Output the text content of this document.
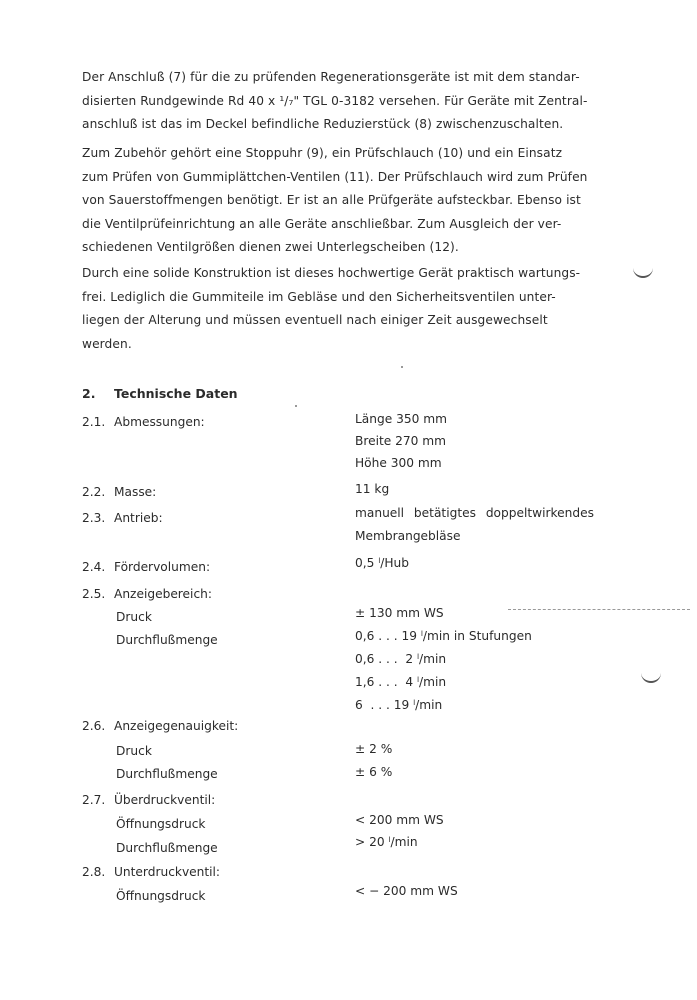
Der Anschluß (7) für die zu prüfenden Regenerationsgeräte ist mit dem standar-
disierten Rundgewinde Rd 40 x ¹/₇" TGL 0-3182 versehen. Für Geräte mit Zentral-
anschluß ist das im Deckel befindliche Reduzierstück (8) zwischenzuschalten.

Zum Zubehör gehört eine Stoppuhr (9), ein Prüfschlauch (10) und ein Einsatz
zum Prüfen von Gummiplättchen-Ventilen (11). Der Prüfschlauch wird zum Prüfen
von Sauerstoffmengen benötigt. Er ist an alle Prüfgeräte aufsteckbar. Ebenso ist
die Ventilprüfeinrichtung an alle Geräte anschließbar. Zum Ausgleich der ver-
schiedenen Ventilgrößen dienen zwei Unterlegscheiben (12).

Durch eine solide Konstruktion ist dieses hochwertige Gerät praktisch wartungs-
frei. Lediglich die Gummiteile im Gebläse und den Sicherheitsventilen unter-
liegen der Alterung und müssen eventuell nach einiger Zeit ausgewechselt
werden.

2. Technische Daten
2.1. Abmessungen:	Länge 350 mm
Breite 270 mm
Höhe 300 mm
2.2. Masse:	11 kg
2.3. Antrieb:	manuell betätigtes doppeltwirkendes
Membrangebläse
2.4. Fördervolumen:	0,5 ˡ/Hub
2.5. Anzeigebereich:
Druck	± 130 mm WS
Durchflußmenge	0,6 . . . 19 ˡ/min in Stufungen
0,6 . . .  2 ˡ/min
1,6 . . .  4 ˡ/min
6  . . . 19 ˡ/min
2.6. Anzeigegenauigkeit:
Druck	± 2 %
Durchflußmenge	± 6 %
2.7. Überdruckventil:
Öffnungsdruck	< 200 mm WS
Durchflußmenge	> 20 ˡ/min
2.8. Unterdruckventil:
Öffnungsdruck	< − 200 mm WS
